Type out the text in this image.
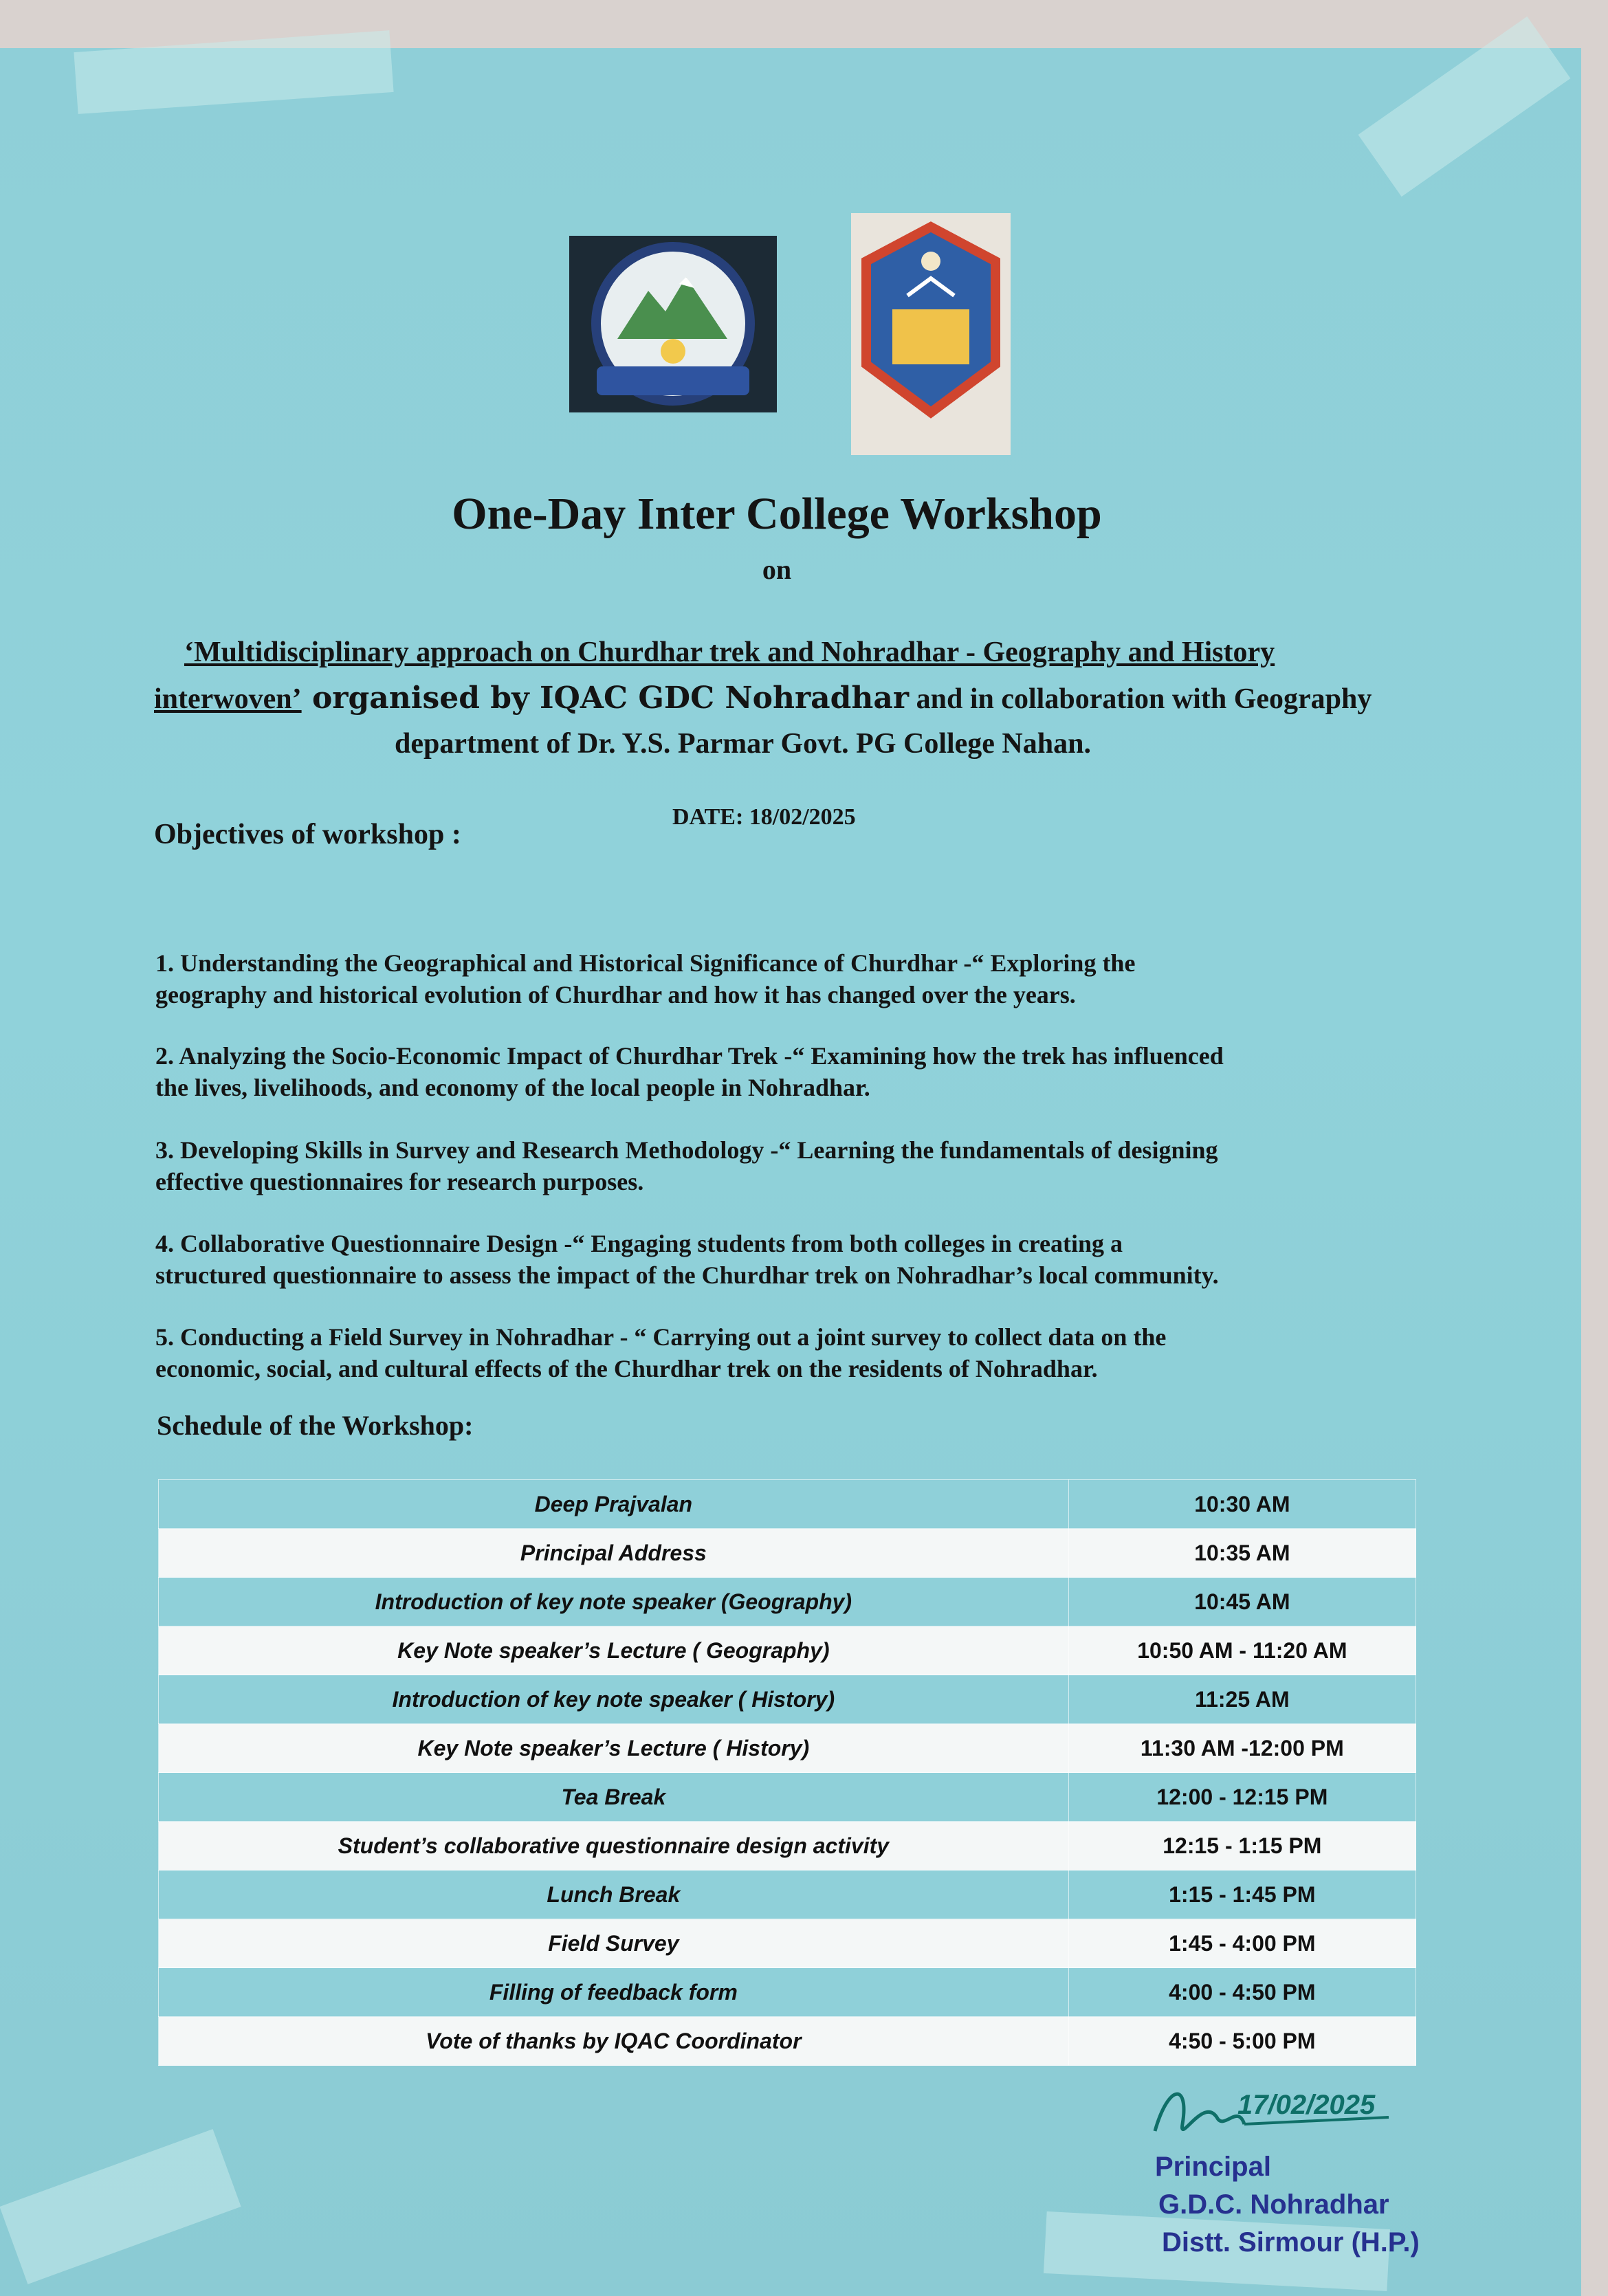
One-Day Inter College Workshop
on
‘Multidisciplinary approach on Churdhar trek and Nohradhar - Geography and History
interwoven’ organised by IQAC GDC Nohradhar and in collaboration with Geography
department of Dr. Y.S. Parmar Govt. PG College Nahan.
DATE: 18/02/2025
Objectives of workshop :
1. Understanding the Geographical and Historical Significance of Churdhar -“ Exploring the
geography and historical evolution of Churdhar and how it has changed over the years.
2. Analyzing the Socio-Economic Impact of Churdhar Trek -“ Examining how the trek has influenced
the lives, livelihoods, and economy of the local people in Nohradhar.
3. Developing Skills in Survey and Research Methodology -“ Learning the fundamentals of designing
effective questionnaires for research purposes.
4. Collaborative Questionnaire Design -“ Engaging students from both colleges in creating a
structured questionnaire to assess the impact of the Churdhar trek on Nohradhar’s local community.
5. Conducting a Field Survey in Nohradhar - “ Carrying out a joint survey to collect data on the
economic, social, and cultural effects of the Churdhar trek on the residents of Nohradhar.
Schedule of the Workshop:
Deep Prajvalan	10:30 AM
Principal Address	10:35 AM
Introduction of key note speaker (Geography)	10:45 AM
Key Note speaker’s Lecture ( Geography)	10:50 AM - 11:20 AM
Introduction of key note speaker ( History)	11:25 AM
Key Note speaker’s Lecture ( History)	11:30 AM -12:00 PM
Tea Break	12:00 - 12:15 PM
Student’s collaborative questionnaire design activity	12:15 - 1:15 PM
Lunch Break	1:15 - 1:45 PM
Field Survey	1:45 - 4:00 PM
Filling of feedback form	4:00 - 4:50 PM
Vote of thanks by IQAC Coordinator	4:50 - 5:00 PM
17/02/2025
Principal
G.D.C. Nohradhar
Distt. Sirmour (H.P.)
